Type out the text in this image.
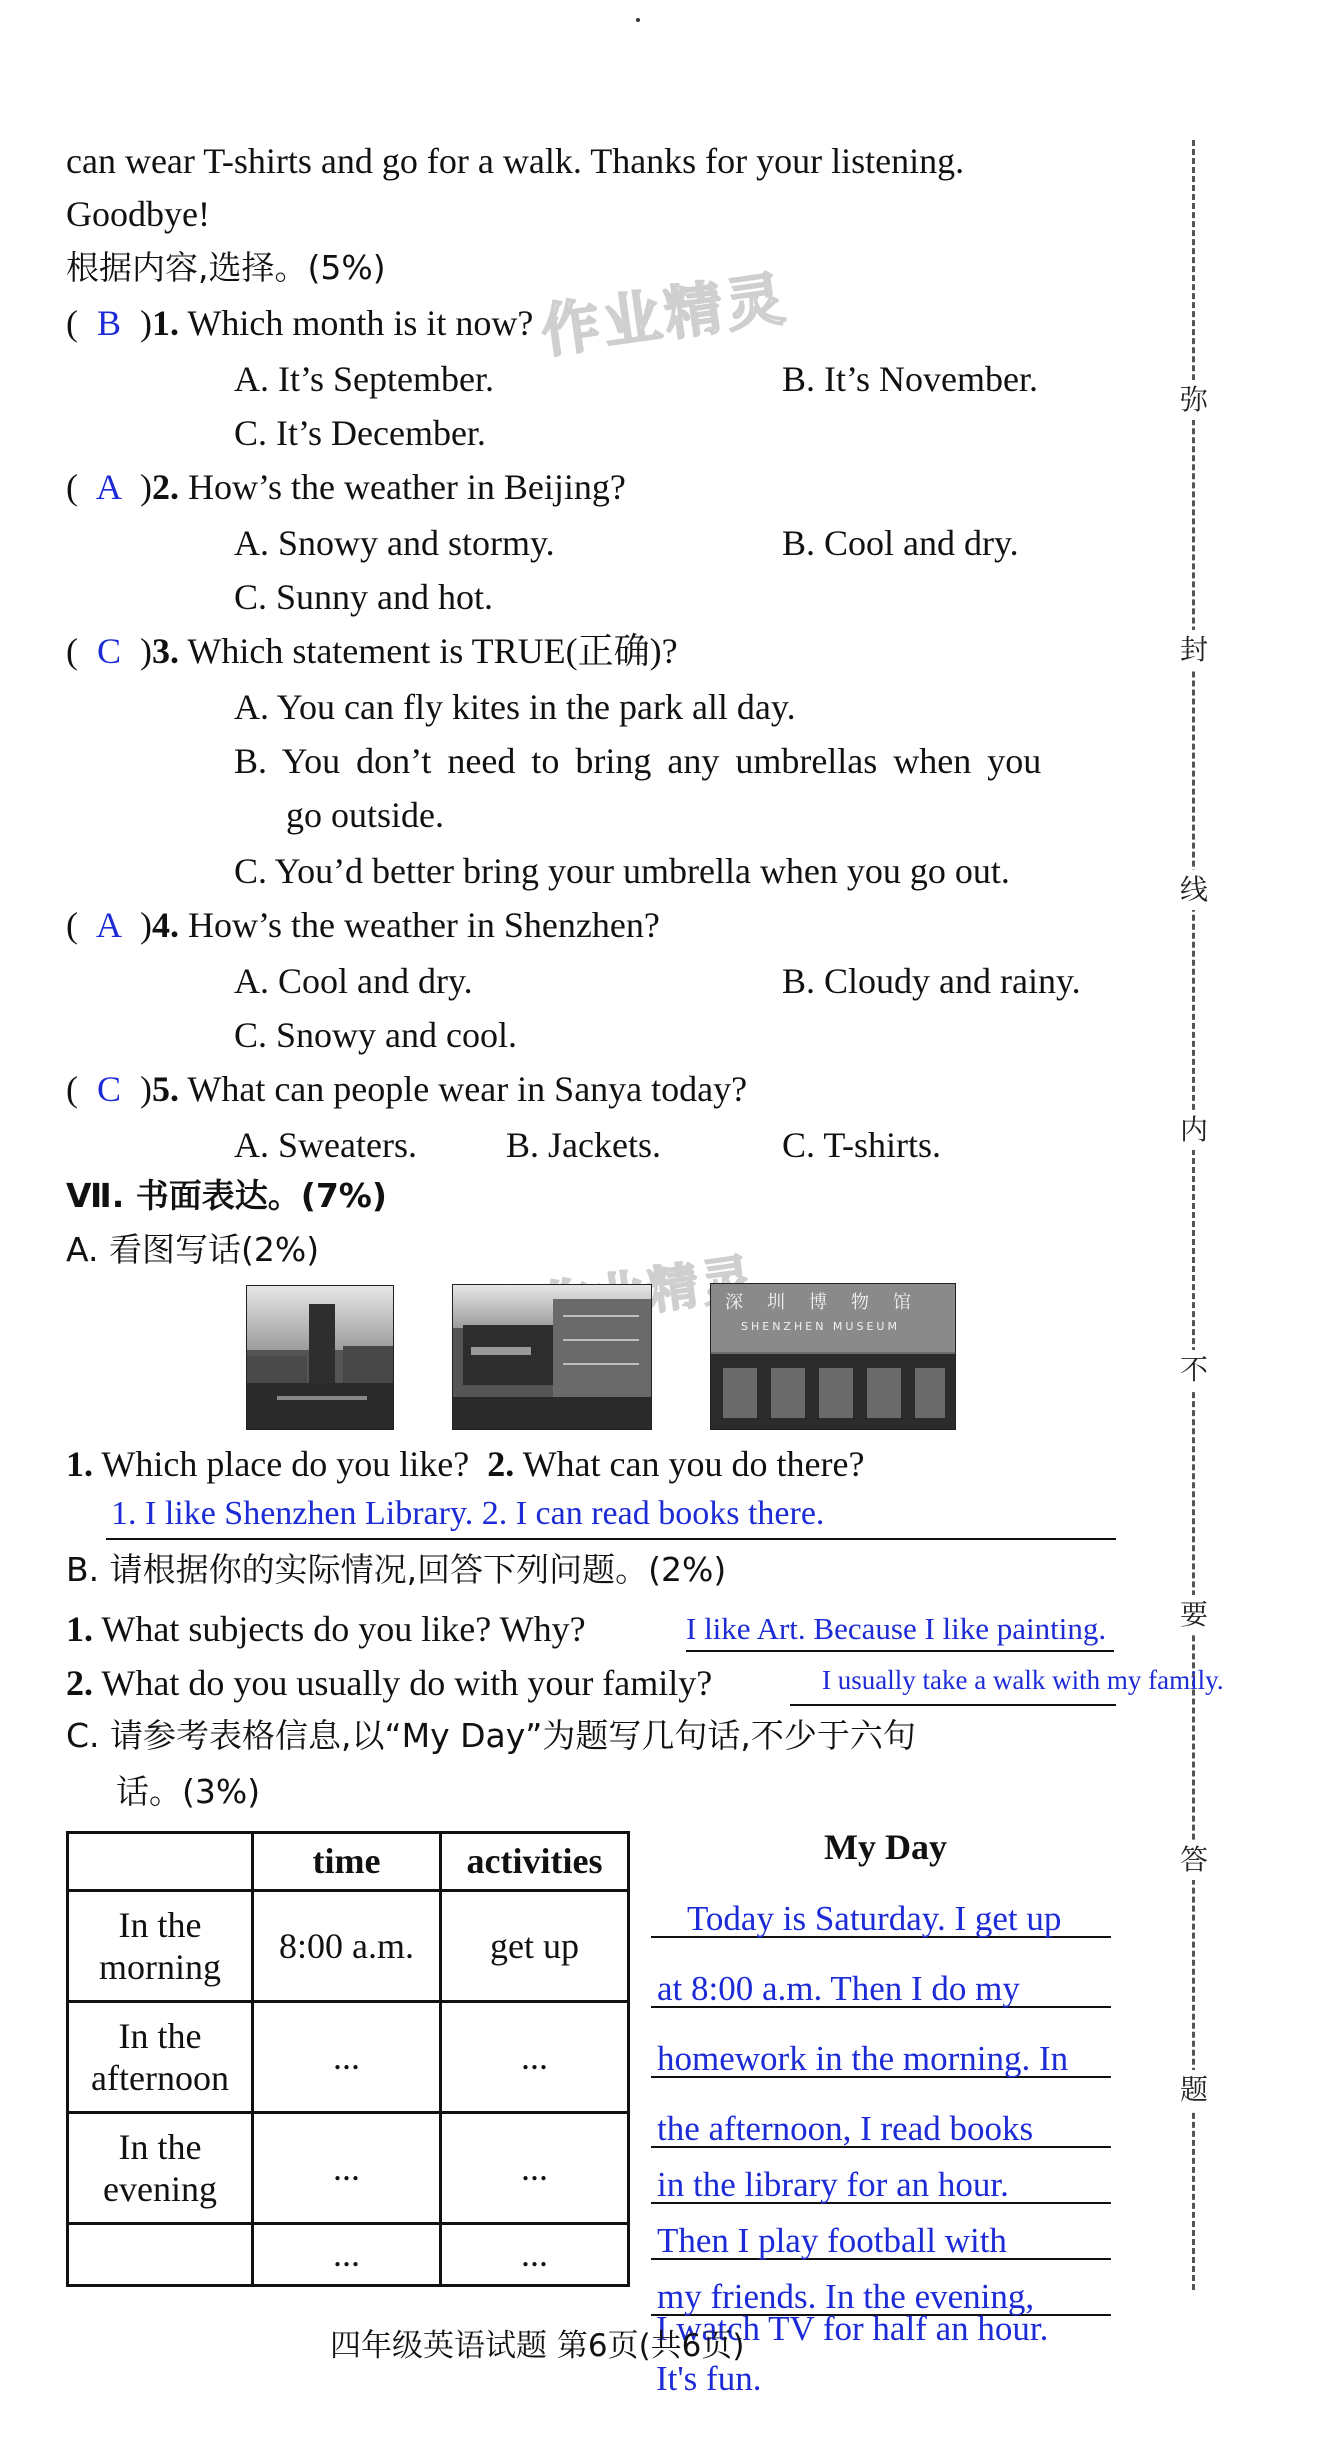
弥
封
线
内
不
要
答
题
作业精灵
can wear T-shirts and go for a walk. Thanks for your listening.
Goodbye!
根据内容,选择。(5%)
( B )1. Which month is it now?
A. It’s September.	B. It’s November.
C. It’s December.
( A )2. How’s the weather in Beijing?
A. Snowy and stormy.	B. Cool and dry.
C. Sunny and hot.
( C )3. Which statement is TRUE(正确)?
A. You can fly kites in the park all day.
B. You don’t need to bring any umbrellas when you
go outside.
C. You’d better bring your umbrella when you go out.
( A )4. How’s the weather in Shenzhen?
A. Cool and dry.	B. Cloudy and rainy.
C. Snowy and cool.
( C )5. What can people wear in Sanya today?
A. Sweaters. B. Jackets.	C. T-shirts.
Ⅶ. 书面表达。(7%)
A. 看图写话(2%)
深圳博物馆
SHENZHEN MUSEUM
1. Which place do you like? 2. What can you do there?
1. I like Shenzhen Library. 2. I can read books there.
B. 请根据你的实际情况,回答下列问题。(2%)
1. What subjects do you like? Why?	I like Art. Because I like painting.
2. What do you usually do with your family?	I usually take a walk with my family.
C. 请参考表格信息,以“My Day”为题写几句话,不少于六句
话。(3%)
	time	activities
In the
morning	8:00 a.m.	get up
In the
afternoon	...	...
In the
evening	...	...
	...	...
My Day
Today is Saturday. I get up
at 8:00 a.m. Then I do my
homework in the morning. In
the afternoon, I read books
in the library for an hour.
Then I play football with
my friends. In the evening,
I watch TV for half an hour.
It's fun.
四年级英语试题 第6页(共6页)
